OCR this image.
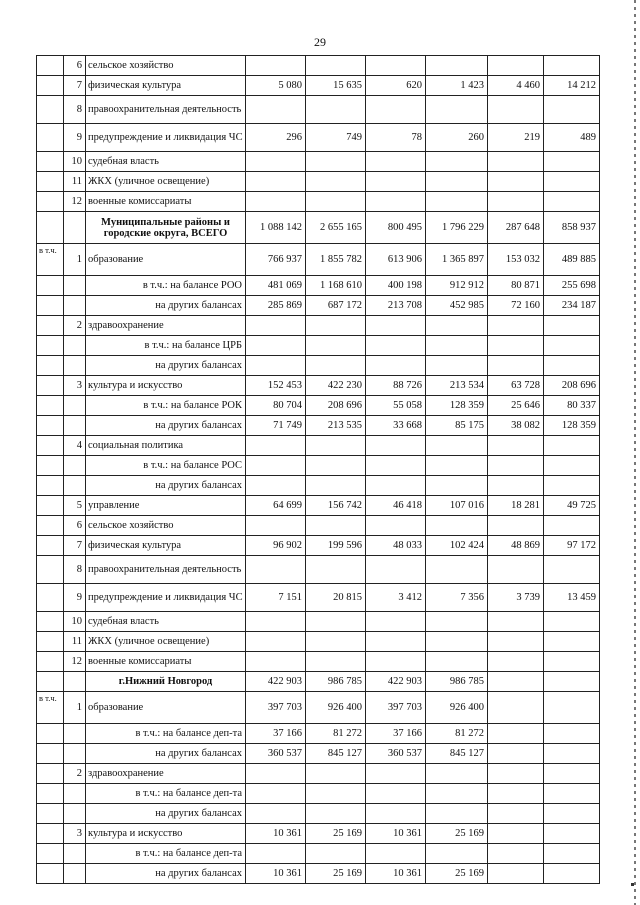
29
	6	сельское хозяйство						
	7	физическая культура	5 080	15 635	620	1 423	4 460	14 212
	8	правоохранительная деятельность						
	9	предупреждение и ликвидация ЧС	296	749	78	260	219	489
	10	судебная власть						
	11	ЖКХ (уличное освещение)						
	12	военные комиссариаты						
		Муниципальные районы и городские округа, ВСЕГО	1 088 142	2 655 165	800 495	1 796 229	287 648	858 937
в т.ч.	1	образование	766 937	1 855 782	613 906	1 365 897	153 032	489 885
		в т.ч.: на балансе РОО	481 069	1 168 610	400 198	912 912	80 871	255 698
		на других балансах	285 869	687 172	213 708	452 985	72 160	234 187
	2	здравоохранение						
		в т.ч.: на балансе ЦРБ						
		на других балансах						
	3	культура и искусство	152 453	422 230	88 726	213 534	63 728	208 696
		в т.ч.: на балансе РОК	80 704	208 696	55 058	128 359	25 646	80 337
		на других балансах	71 749	213 535	33 668	85 175	38 082	128 359
	4	социальная политика						
		в т.ч.: на балансе РОС						
		на других балансах						
	5	управление	64 699	156 742	46 418	107 016	18 281	49 725
	6	сельское хозяйство						
	7	физическая культура	96 902	199 596	48 033	102 424	48 869	97 172
	8	правоохранительная деятельность						
	9	предупреждение и ликвидация ЧС	7 151	20 815	3 412	7 356	3 739	13 459
	10	судебная власть						
	11	ЖКХ (уличное освещение)						
	12	военные комиссариаты						
		г.Нижний Новгород	422 903	986 785	422 903	986 785		
в т.ч.	1	образование	397 703	926 400	397 703	926 400		
		в т.ч.: на балансе деп-та	37 166	81 272	37 166	81 272		
		на других балансах	360 537	845 127	360 537	845 127		
	2	здравоохранение						
		в т.ч.: на балансе деп-та						
		на других балансах						
	3	культура и искусство	10 361	25 169	10 361	25 169		
		в т.ч.: на балансе деп-та						
		на других балансах	10 361	25 169	10 361	25 169		
